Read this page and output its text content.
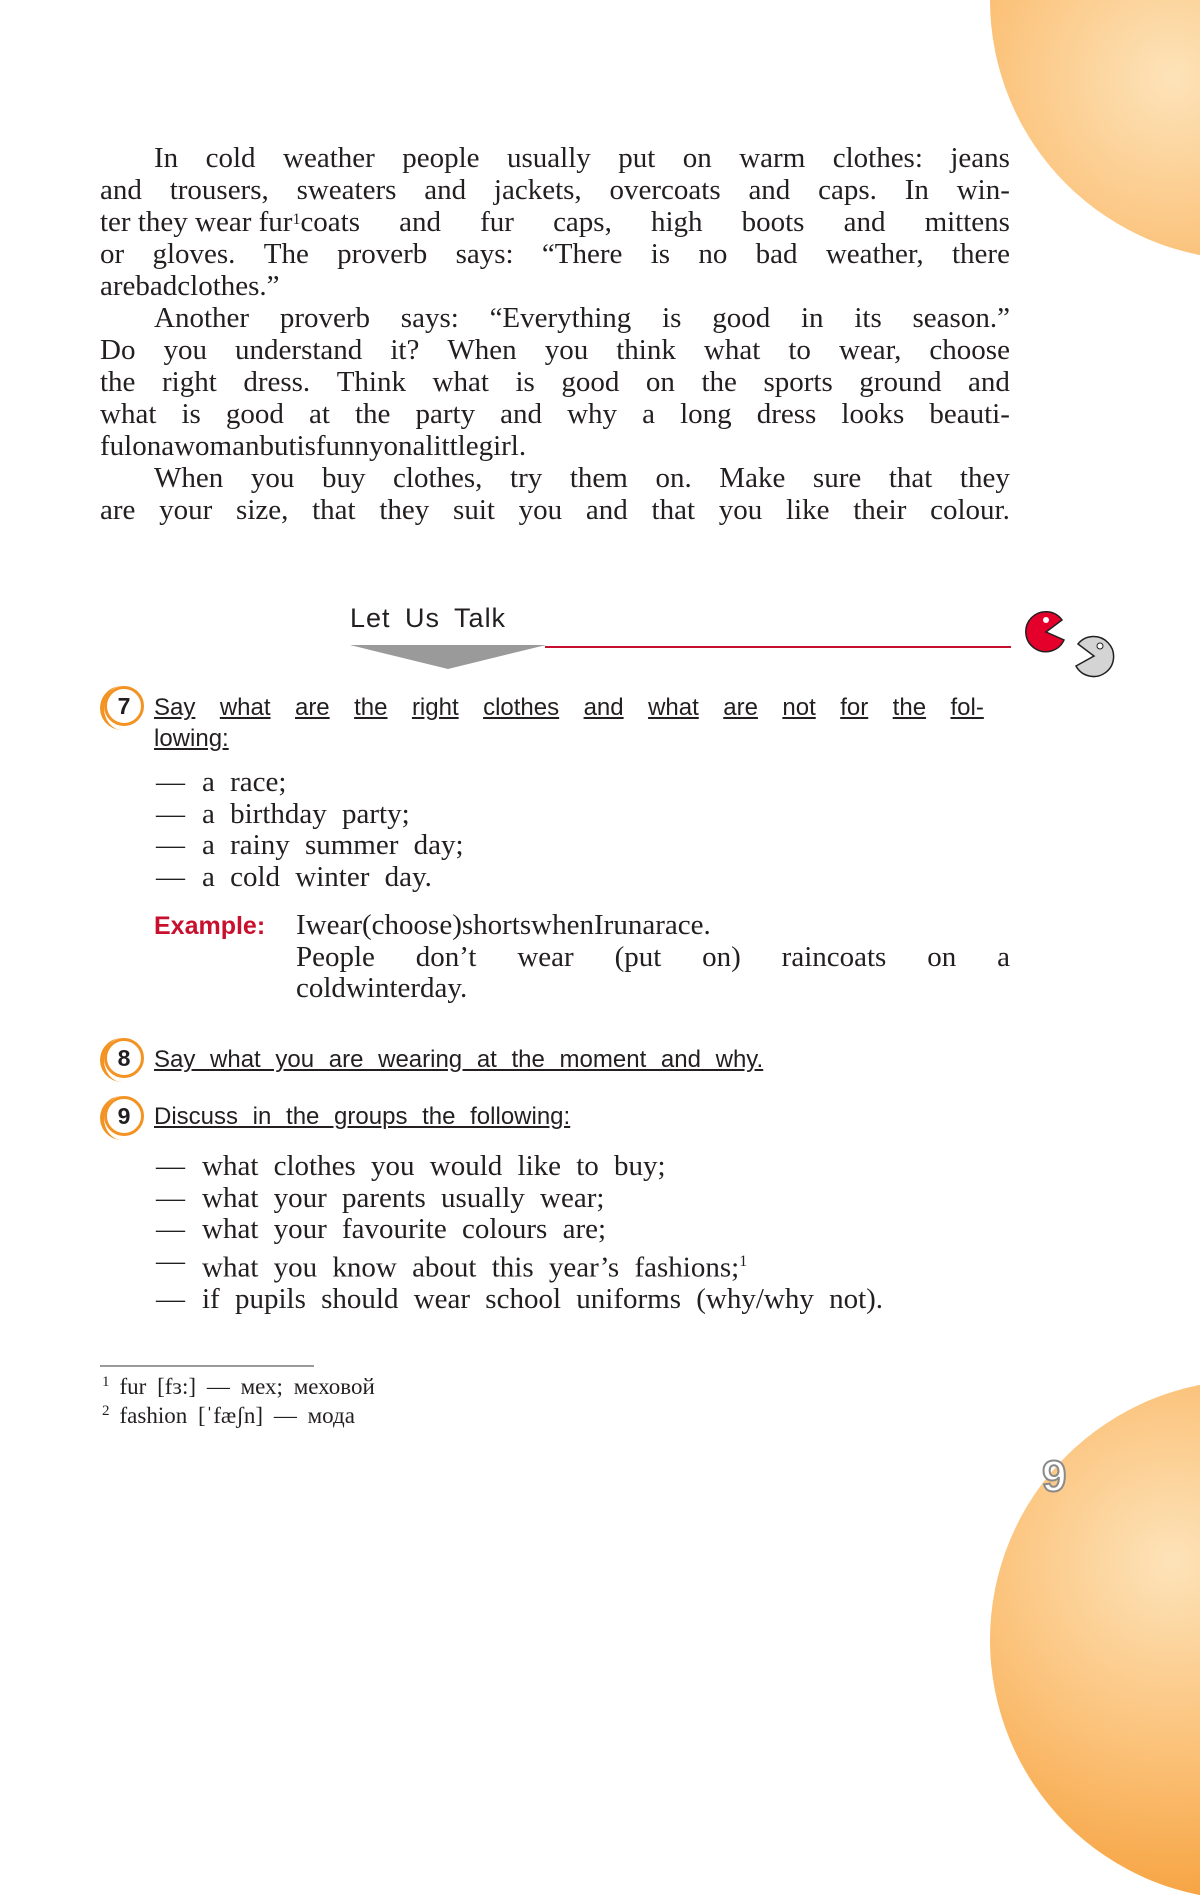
9
In cold weather people usually put on warm clothes: jeans
and trousers, sweaters and jackets, overcoats and caps. In win-
ter they wear fur$^1$ coats and fur caps, high boots and mittens
or gloves. The proverb says: “There is no bad weather, there
are bad clothes.”
Another proverb says: “Everything is good in its season.”
Do you understand it? When you think what to wear, choose
the right dress. Think what is good on the sports ground and
what is good at the party and why a long dress looks beauti-
ful on a woman but is funny on a little girl.
When you buy clothes, try them on. Make sure that they
are your size, that they suit you and that you like their colour.
Let Us Talk
7 Say what are the right clothes and what are not for the fol-
lowing:
— a race;
— a birthday party;
— a rainy summer day;
— a cold winter day.
Example: I wear (choose) shorts when I run a race.
People don’t wear (put on) raincoats on a
cold winter day.
8 Say what you are wearing at the moment and why.
9 Discuss in the groups the following:
— what clothes you would like to buy;
— what your parents usually wear;
— what your favourite colours are;
— what you know about this year’s fashions;$^1$
— if pupils should wear school uniforms (why/why not).
$^1$ fur [fɜ:] — мех; меховой
$^2$ fashion [ˈfæʃn] — мода
